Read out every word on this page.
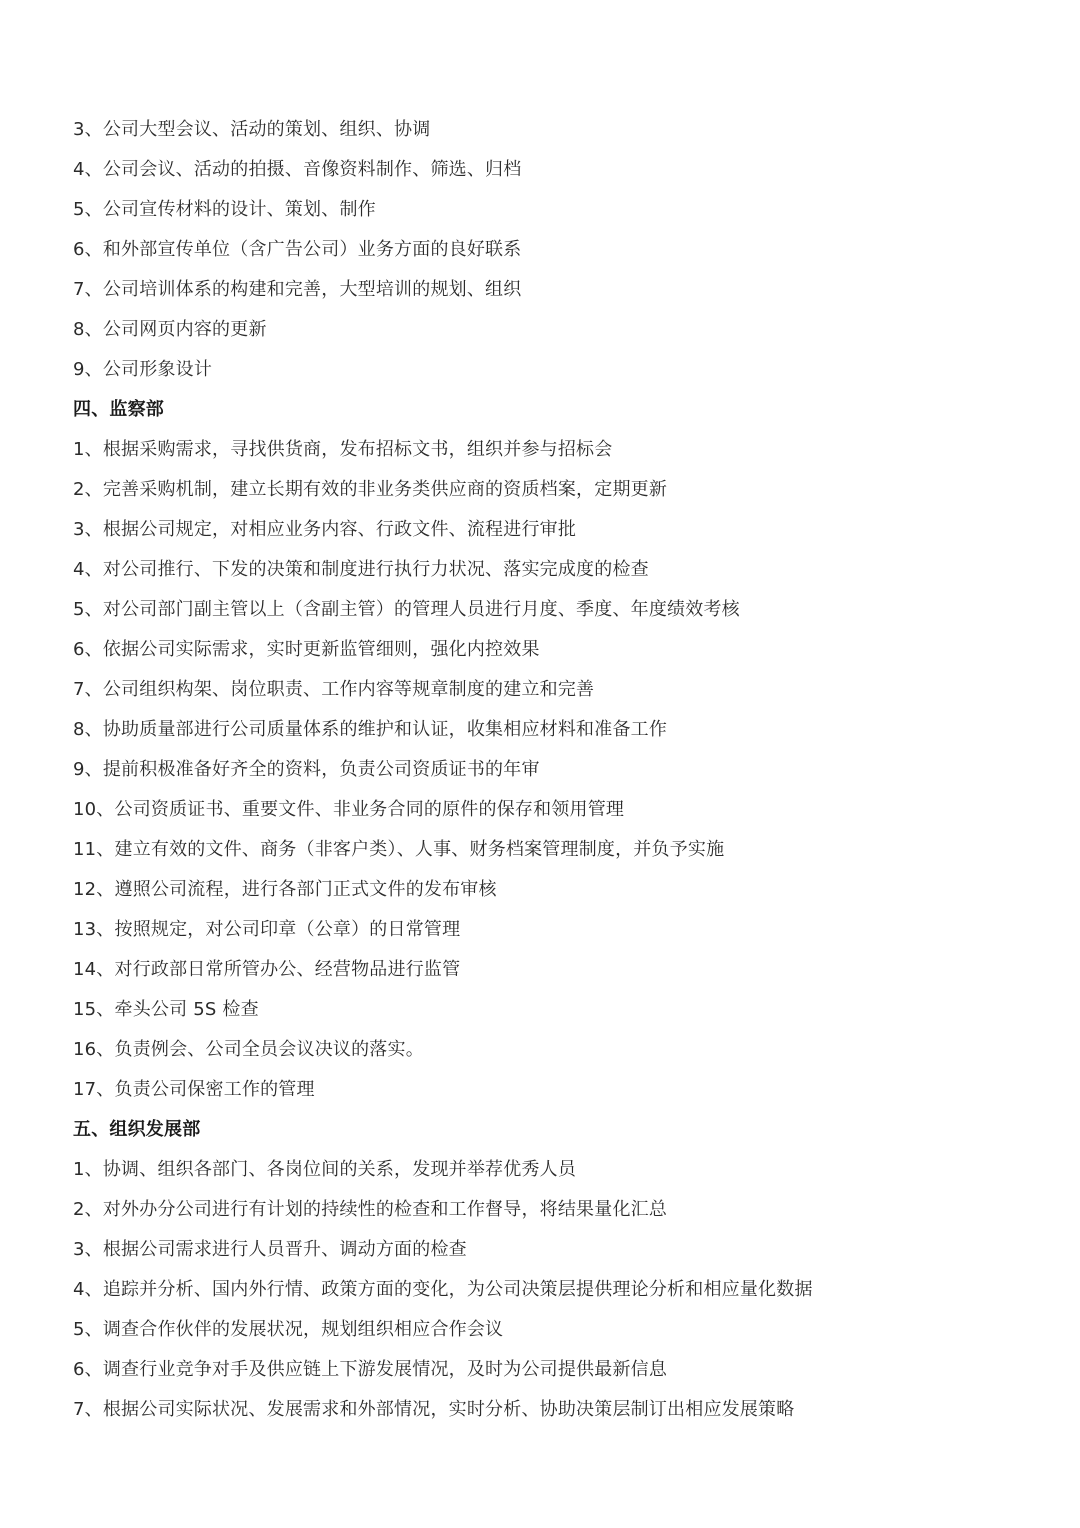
3、公司大型会议、活动的策划、组织、协调
4、公司会议、活动的拍摄、音像资料制作、筛选、归档
5、公司宣传材料的设计、策划、制作
6、和外部宣传单位（含广告公司）业务方面的良好联系
7、公司培训体系的构建和完善，大型培训的规划、组织
8、公司网页内容的更新
9、公司形象设计
四、监察部
1、根据采购需求，寻找供货商，发布招标文书，组织并参与招标会
2、完善采购机制，建立长期有效的非业务类供应商的资质档案，定期更新
3、根据公司规定，对相应业务内容、行政文件、流程进行审批
4、对公司推行、下发的决策和制度进行执行力状况、落实完成度的检查
5、对公司部门副主管以上（含副主管）的管理人员进行月度、季度、年度绩效考核
6、依据公司实际需求，实时更新监管细则，强化内控效果
7、公司组织构架、岗位职责、工作内容等规章制度的建立和完善
8、协助质量部进行公司质量体系的维护和认证，收集相应材料和准备工作
9、提前积极准备好齐全的资料，负责公司资质证书的年审
10、公司资质证书、重要文件、非业务合同的原件的保存和领用管理
11、建立有效的文件、商务（非客户类）、人事、财务档案管理制度，并负予实施
12、遵照公司流程，进行各部门正式文件的发布审核
13、按照规定，对公司印章（公章）的日常管理
14、对行政部日常所管办公、经营物品进行监管
15、牵头公司 5S 检查
16、负责例会、公司全员会议决议的落实。
17、负责公司保密工作的管理
五、组织发展部
1、协调、组织各部门、各岗位间的关系，发现并举荐优秀人员
2、对外办分公司进行有计划的持续性的检查和工作督导，将结果量化汇总
3、根据公司需求进行人员晋升、调动方面的检查
4、追踪并分析、国内外行情、政策方面的变化，为公司决策层提供理论分析和相应量化数据
5、调查合作伙伴的发展状况，规划组织相应合作会议
6、调查行业竞争对手及供应链上下游发展情况，及时为公司提供最新信息
7、根据公司实际状况、发展需求和外部情况，实时分析、协助决策层制订出相应发展策略
